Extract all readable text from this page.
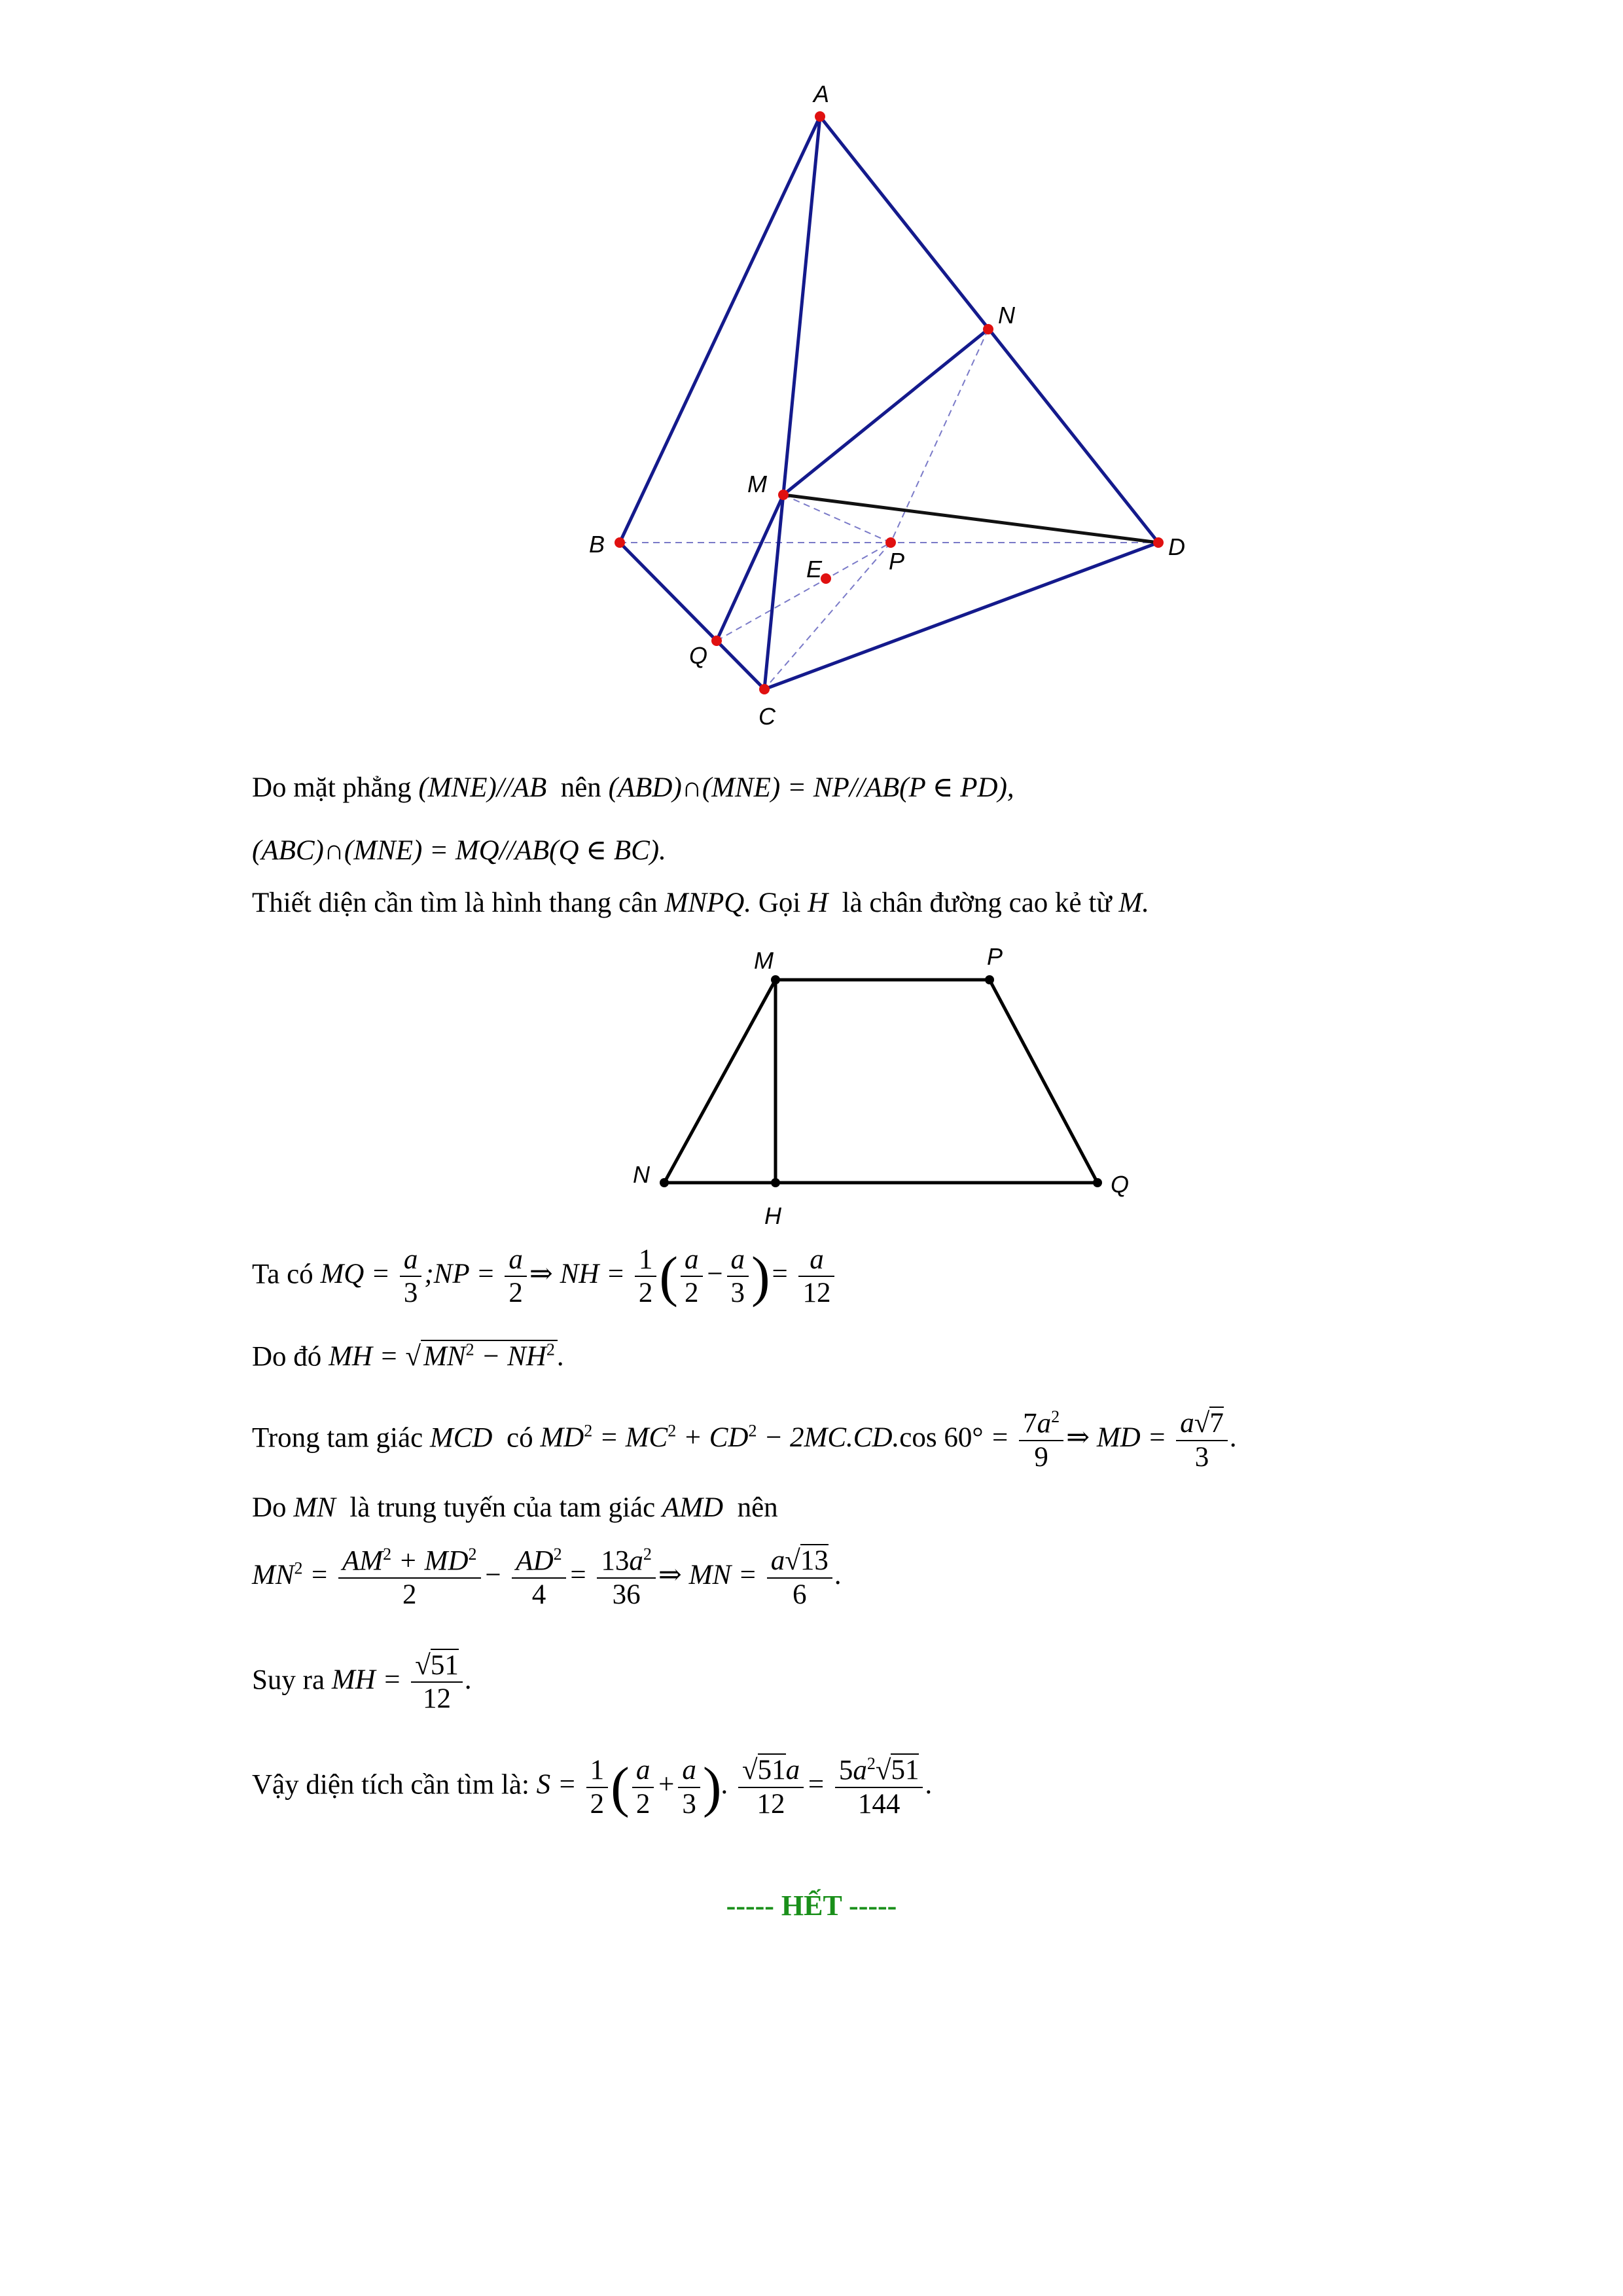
A
N
M
B
P
D
E
Q
C
M	P
N	Q
H
Do mặt phẳng (MNE)//AB nên (ABD)∩(MNE) = NP//AB(P ∈ PD),
(ABC)∩(MNE) = MQ//AB(Q ∈ BC).
Thiết diện cần tìm là hình thang cân MNPQ. Gọi H là chân đường cao kẻ từ M.
Ta có MQ = $\frac{a}{3}$ ;NP = $\frac{a}{2}$ ⇒ NH = $\frac{1}{2}$ ( $\frac{a}{2} - \frac{a}{3}$ )= $\frac{a}{12}$
Do đó MH = $√MN^2 - NH^2$.
Trong tam giác MCD có $MD^2 = MC^2 + CD^2 - 2MC.CD.\cos$ $60^\circ = \frac{7a^2}{9}$ ⇒ MD = $\frac{a√7}{3}$ .
Do MN là trung tuyến của tam giác AMD nên
$MN^2 = \frac{AM^2 + MD^2}{2} - \frac{AD^2}{4} = \frac{13a^2}{36}$ ⇒ MN = $\frac{a√13}{6}$ .
Suy ra MH = $\frac{√51}{12}$ .
Vậy diện tích cần tìm là: $S = \frac{1}{2}$ ( $\frac{a}{2} + \frac{a}{3}$ ). $\frac{√51a}{12} = \frac{5a^2√51}{144}$ .
----- HẾT -----
